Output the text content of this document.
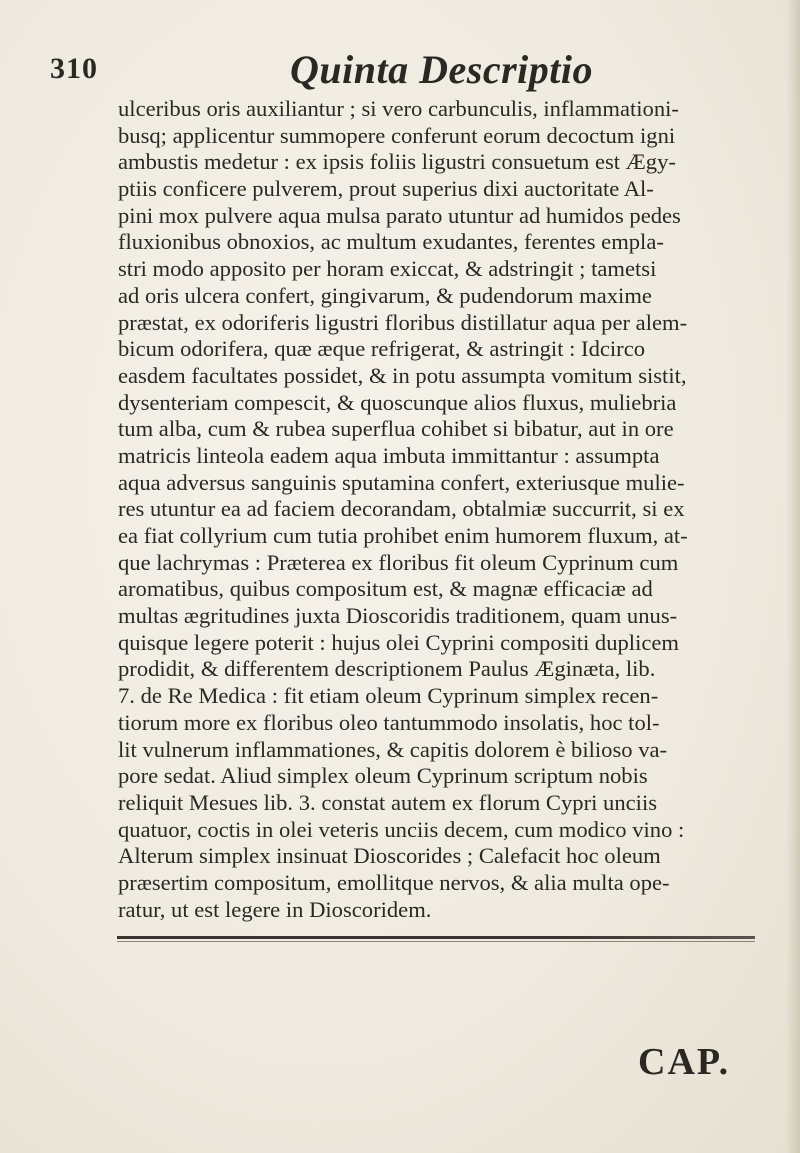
310	Quinta Descriptio
ulceribus oris auxiliantur ; si vero carbunculis, inflammationi-
busq; applicentur summopere conferunt eorum decoctum igni
ambustis medetur : ex ipsis foliis ligustri consuetum est Ægy-
ptiis conficere pulverem, prout superius dixi auctoritate Al-
pini mox pulvere aqua mulsa parato utuntur ad humidos pedes
fluxionibus obnoxios, ac multum exudantes, ferentes empla-
stri modo apposito per horam exiccat, & adstringit ; tametsi
ad oris ulcera confert, gingivarum, & pudendorum maxime
præstat, ex odoriferis ligustri floribus distillatur aqua per alem-
bicum odorifera, quæ æque refrigerat, & astringit : Idcirco
easdem facultates possidet, & in potu assumpta vomitum sistit,
dysenteriam compescit, & quoscunque alios fluxus, muliebria
tum alba, cum & rubea superflua cohibet si bibatur, aut in ore
matricis linteola eadem aqua imbuta immittantur : assumpta
aqua adversus sanguinis sputamina confert, exteriusque mulie-
res utuntur ea ad faciem decorandam, obtalmiæ succurrit, si ex
ea fiat collyrium cum tutia prohibet enim humorem fluxum, at-
que lachrymas : Præterea ex floribus fit oleum Cyprinum cum
aromatibus, quibus compositum est, & magnæ efficaciæ ad
multas ægritudines juxta Dioscoridis traditionem, quam unus-
quisque legere poterit : hujus olei Cyprini compositi duplicem
prodidit, & differentem descriptionem Paulus Æginæta, lib.
7. de Re Medica : fit etiam oleum Cyprinum simplex recen-
tiorum more ex floribus oleo tantummodo insolatis, hoc tol-
lit vulnerum inflammationes, & capitis dolorem è bilioso va-
pore sedat. Aliud simplex oleum Cyprinum scriptum nobis
reliquit Mesues lib. 3. constat autem ex florum Cypri unciis
quatuor, coctis in olei veteris unciis decem, cum modico vino :
Alterum simplex insinuat Dioscorides ; Calefacit hoc oleum
præsertim compositum, emollitque nervos, & alia multa ope-
ratur, ut est legere in Dioscoridem.
CAP.
